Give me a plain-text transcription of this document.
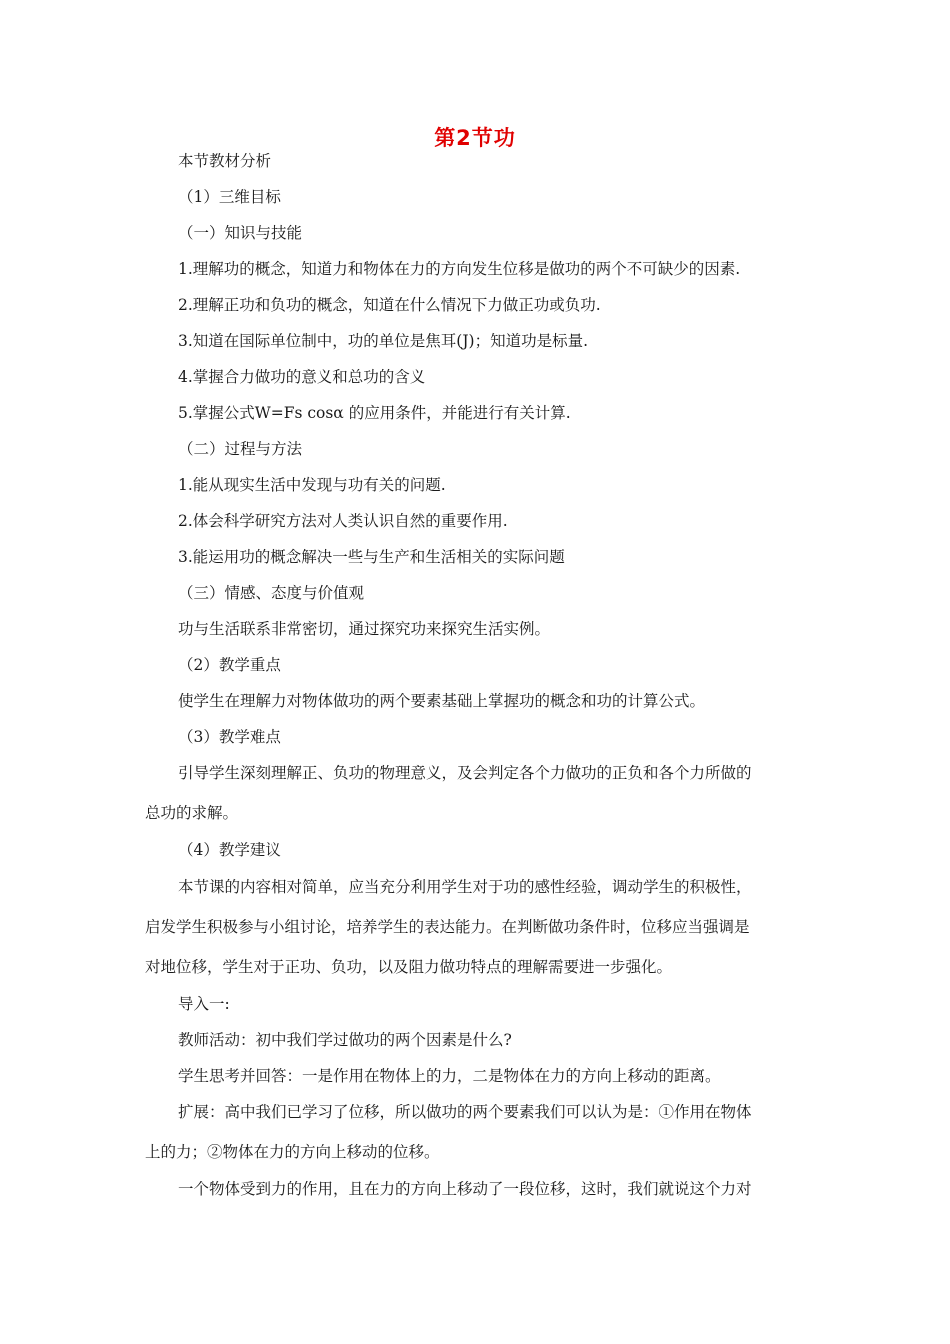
第2节功
本节教材分析
（1）三维目标
（一）知识与技能
1.理解功的概念，知道力和物体在力的方向发生位移是做功的两个不可缺少的因素.
2.理解正功和负功的概念，知道在什么情况下力做正功或负功.
3.知道在国际单位制中，功的单位是焦耳(J)；知道功是标量.
4.掌握合力做功的意义和总功的含义
5.掌握公式W=Fs cosα 的应用条件，并能进行有关计算.
（二）过程与方法
1.能从现实生活中发现与功有关的问题.
2.体会科学研究方法对人类认识自然的重要作用.
3.能运用功的概念解决一些与生产和生活相关的实际问题
（三）情感、态度与价值观
功与生活联系非常密切，通过探究功来探究生活实例。
（2）教学重点
使学生在理解力对物体做功的两个要素基础上掌握功的概念和功的计算公式。
（3）教学难点
引导学生深刻理解正、负功的物理意义，及会判定各个力做功的正负和各个力所做的
总功的求解。
（4）教学建议
本节课的内容相对简单，应当充分利用学生对于功的感性经验，调动学生的积极性，
启发学生积极参与小组讨论，培养学生的表达能力。在判断做功条件时，位移应当强调是
对地位移，学生对于正功、负功，以及阻力做功特点的理解需要进一步强化。
导入一:
教师活动：初中我们学过做功的两个因素是什么?
学生思考并回答：一是作用在物体上的力，二是物体在力的方向上移动的距离。
扩展：高中我们已学习了位移，所以做功的两个要素我们可以认为是：①作用在物体
上的力；②物体在力的方向上移动的位移。
一个物体受到力的作用，且在力的方向上移动了一段位移，这时，我们就说这个力对
